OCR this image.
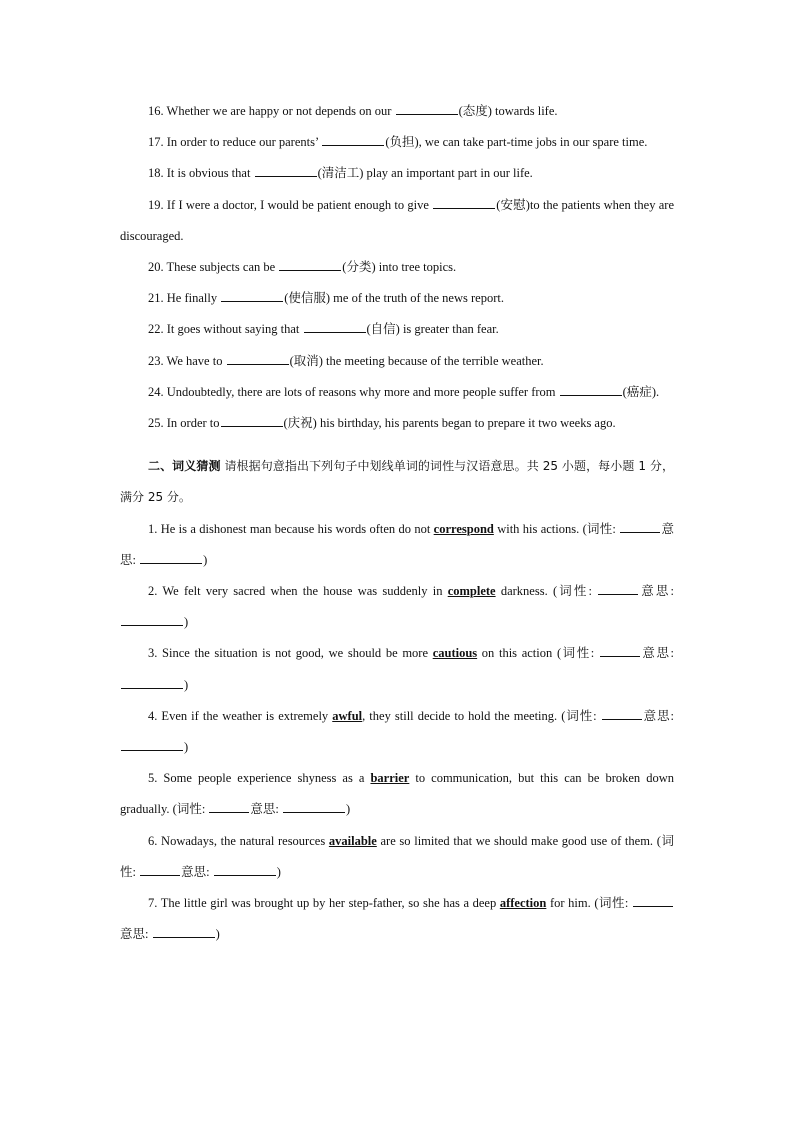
16. Whether we are happy or not depends on our	(态度) towards life.

17. In order to reduce our parents’	(负担), we can take part-time jobs in our spare time.

18. It is obvious that	(清洁工) play an important part in our life.

19. If I were a doctor, I would be patient enough to give	(安慰)to the patients when they are discouraged.

20. These subjects can be	(分类) into tree topics.

21. He finally	(使信服) me of the truth of the news report.

22. It goes without saying that	(自信) is greater than fear.

23. We have to	(取消) the meeting because of the terrible weather.

24. Undoubtedly, there are lots of reasons why more and more people suffer from	(癌症).

25. In order to	(庆祝) his birthday, his parents began to prepare it two weeks ago.

二、词义猜测 请根据句意指出下列句子中划线单词的词性与汉语意思。共 25 小题，每小题 1 分，满分 25 分。

1. He is a dishonest man because his words often do not correspond with his actions. (词性:	意思:	)

2. We felt very sacred when the house was suddenly in complete darkness. (词性:	意思: )

3. Since the situation is not good, we should be more cautious on this action (词性:	意思: )

4. Even if the weather is extremely awful, they still decide to hold the meeting. (词性:	意思: )

5. Some people experience shyness as a barrier to communication, but this can be broken down gradually. (词性:	意思:	)

6. Nowadays, the natural resources available are so limited that we should make good use of them. (词性:	意思:	)

7. The little girl was brought up by her step-father, so she has a deep affection for him. (词性: 意思:	)
